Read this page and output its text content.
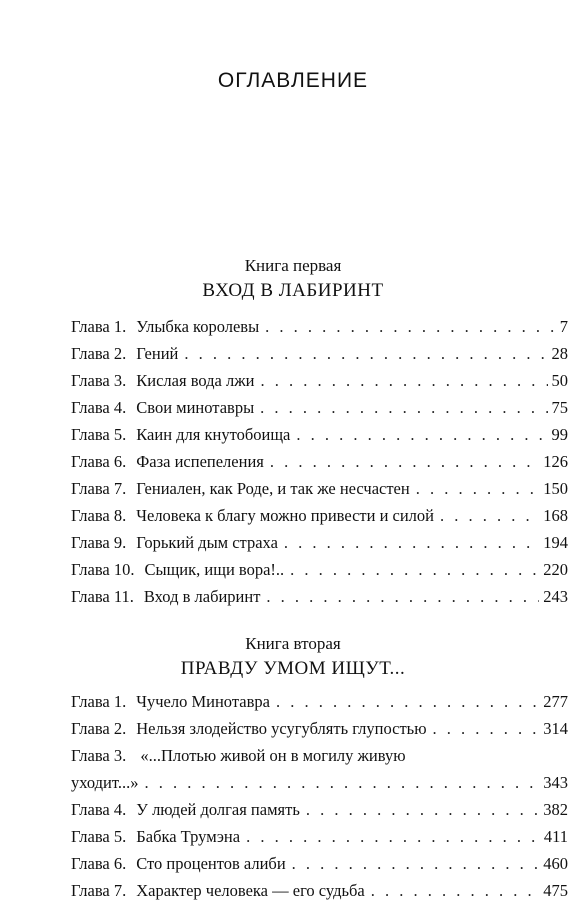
ОГЛАВЛЕНИЕ
Книга первая
ВХОД В ЛАБИРИНТ
Глава 1. Улыбка королевы . . .	7
Глава 2. Гений . . .	28
Глава 3. Кислая вода лжи . . .	50
Глава 4. Свои минотавры . . .	75
Глава 5. Каин для кнутобоища . . .	99
Глава 6. Фаза испепеления . . .	126
Глава 7. Гениален, как Роде, и так же несчастен . . .	150
Глава 8. Человека к благу можно привести и силой . . .	168
Глава 9. Горький дым страха . . .	194
Глава 10. Сыщик, ищи вора!.. . . .	220
Глава 11. Вход в лабиринт . . .	243
Книга вторая
ПРАВДУ УМОМ ИЩУТ...
Глава 1. Чучело Минотавра . . .	277
Глава 2. Нельзя злодейство усугублять глупостью . . .	314
Глава 3. «...Плотью живой он в могилу живую
уходит...» . . .	343
Глава 4. У людей долгая память . . .	382
Глава 5. Бабка Трумэна . . .	411
Глава 6. Сто процентов алиби . . .	460
Глава 7. Характер человека — его судьба . . .	475
